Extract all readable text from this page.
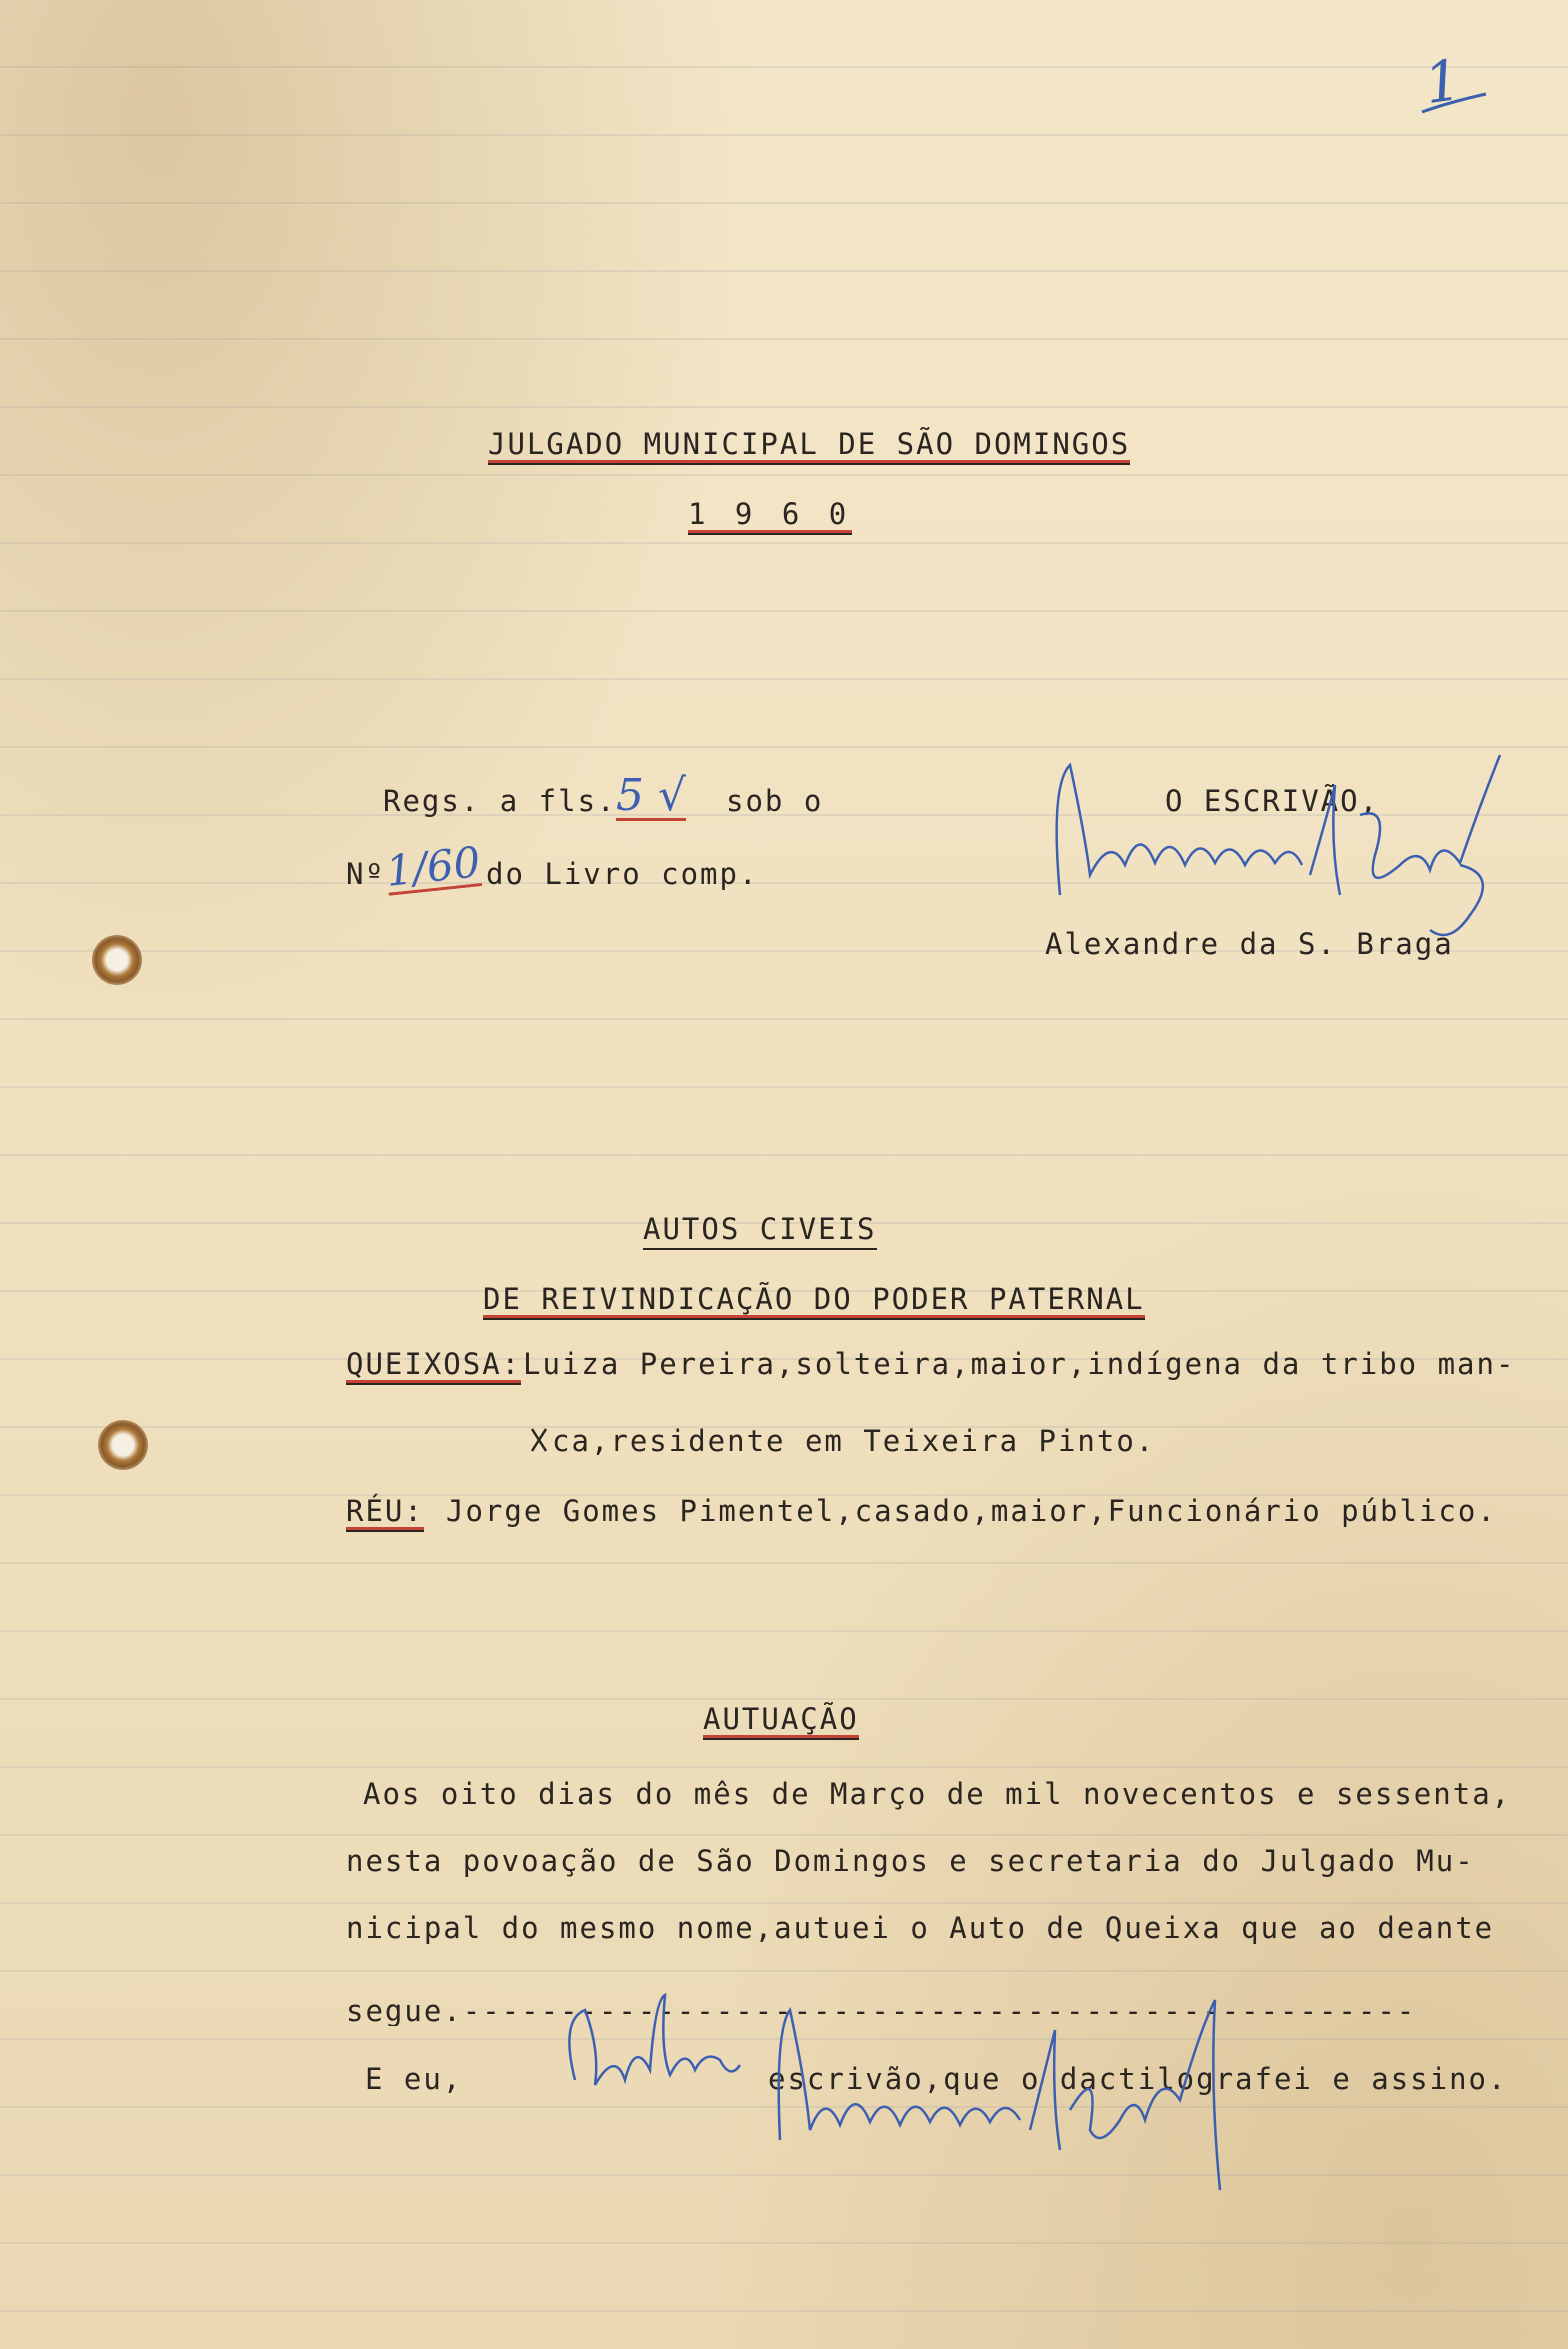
1
JULGADO MUNICIPAL DE SÃO DOMINGOS
1 9 6 0
Regs. a fls. 5 √ sob o
Nº
1/60 do Livro comp.
O ESCRIVÃO,
Alexandre da S. Braga
AUTOS CIVEIS
DE REIVINDICAÇÃO DO PODER PATERNAL
QUEIXOSA: Luiza Pereira,solteira,maior,indígena da tribo man-
ca,residente em Teixeira Pinto.
RÉU: Jorge Gomes Pimentel,casado,maior,Funcionário público.
AUTUAÇÃO
Aos oito dias do mês de Março de mil novecentos e sessenta,
nesta povoação de São Domingos e secretaria do Julgado Mu-
nicipal do mesmo nome,autuei o Auto de Queixa que ao deante
segue.-------------------------------------------------
E eu,	escrivão,que o dactilografei e assino.
